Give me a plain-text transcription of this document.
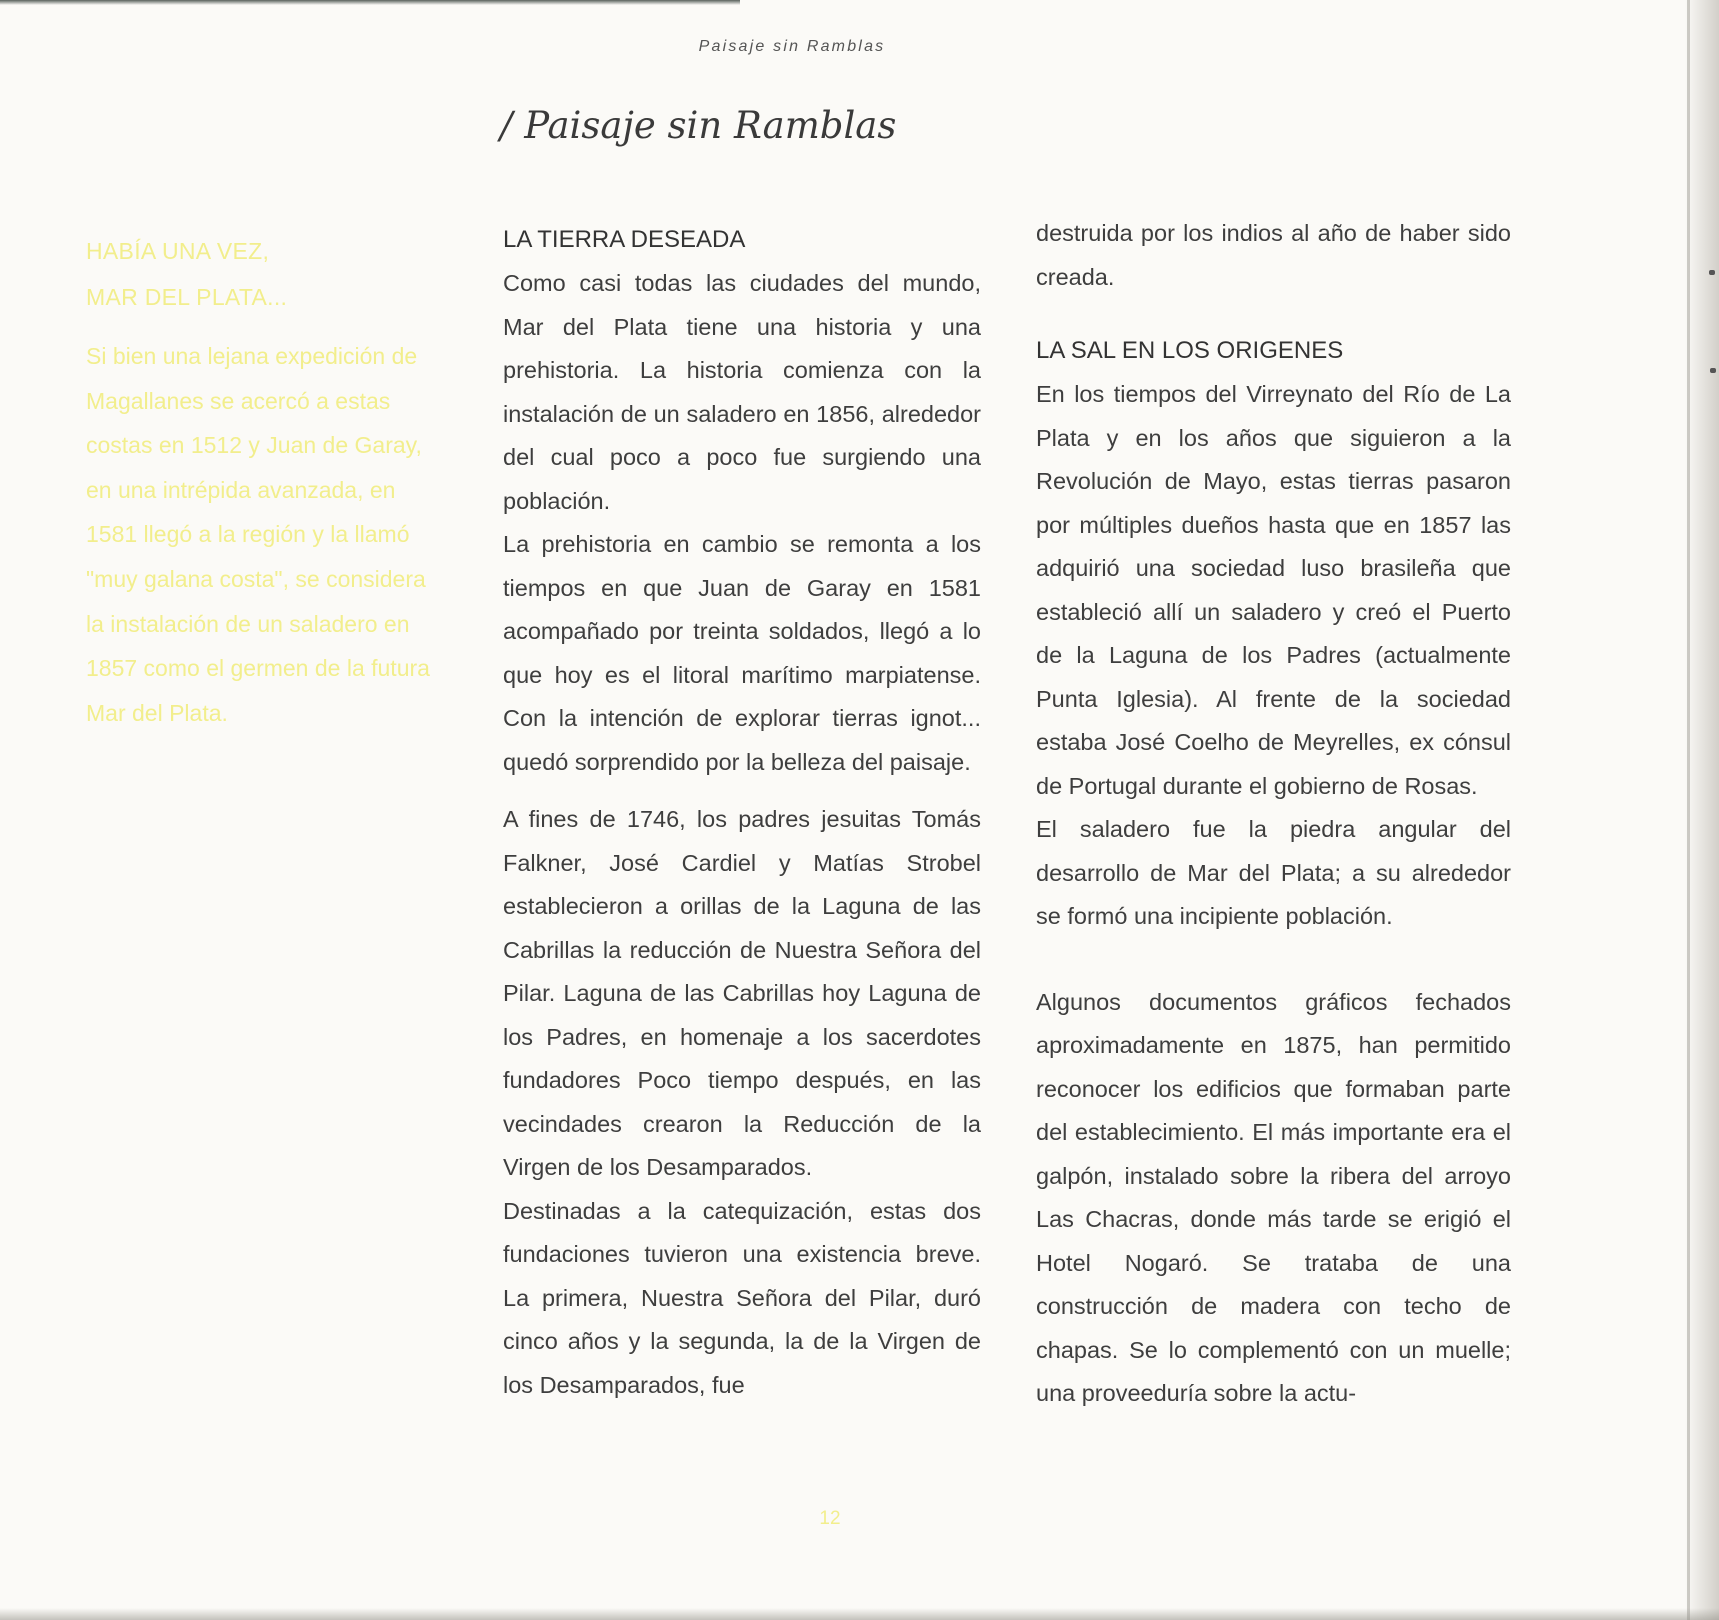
Paisaje sin Ramblas
/ Paisaje sin Ramblas
HABÍA UNA VEZ,
MAR DEL PLATA...
Si bien una lejana expedición de Magallanes se acercó a estas costas en 1512 y Juan de Garay, en una intrépida avanzada, en 1581 llegó a la región y la llamó "muy galana costa", se considera la instalación de un saladero en 1857 como el germen de la futura Mar del Plata.
LA TIERRA DESEADA

Como casi todas las ciudades del mundo, Mar del Plata tiene una historia y una prehistoria. La historia comienza con la instalación de un saladero en 1856, alrededor del cual poco a poco fue surgiendo una población.

La prehistoria en cambio se remonta a los tiempos en que Juan de Garay en 1581 acompañado por treinta soldados, llegó a lo que hoy es el litoral marítimo marpiatense. Con la intención de explorar tierras ignot... quedó sorprendido por la belleza del paisaje.

A fines de 1746, los padres jesuitas Tomás Falkner, José Cardiel y Matías Strobel establecieron a orillas de la Laguna de las Cabrillas la reducción de Nuestra Señora del Pilar. Laguna de las Cabrillas hoy Laguna de los Padres, en homenaje a los sacerdotes fundadores Poco tiempo después, en las vecindades crearon la Reducción de la Virgen de los Desamparados.

Destinadas a la catequización, estas dos fundaciones tuvieron una existencia breve. La primera, Nuestra Señora del Pilar, duró cinco años y la segunda, la de la Virgen de los Desamparados, fue

destruida por los indios al año de haber sido creada.

LA SAL EN LOS ORIGENES

En los tiempos del Virreynato del Río de La Plata y en los años que siguieron a la Revolución de Mayo, estas tierras pasaron por múltiples dueños hasta que en 1857 las adquirió una sociedad luso brasileña que estableció allí un saladero y creó el Puerto de la Laguna de los Padres (actualmente Punta Iglesia). Al frente de la sociedad estaba José Coelho de Meyrelles, ex cónsul de Portugal durante el gobierno de Rosas.

El saladero fue la piedra angular del desarrollo de Mar del Plata; a su alrededor se formó una incipiente población.

Algunos documentos gráficos fechados aproximadamente en 1875, han permitido reconocer los edificios que formaban parte del establecimiento. El más importante era el galpón, instalado sobre la ribera del arroyo Las Chacras, donde más tarde se erigió el Hotel Nogaró. Se trataba de una construcción de madera con techo de chapas. Se lo complementó con un muelle; una proveeduría sobre la actu-

12
